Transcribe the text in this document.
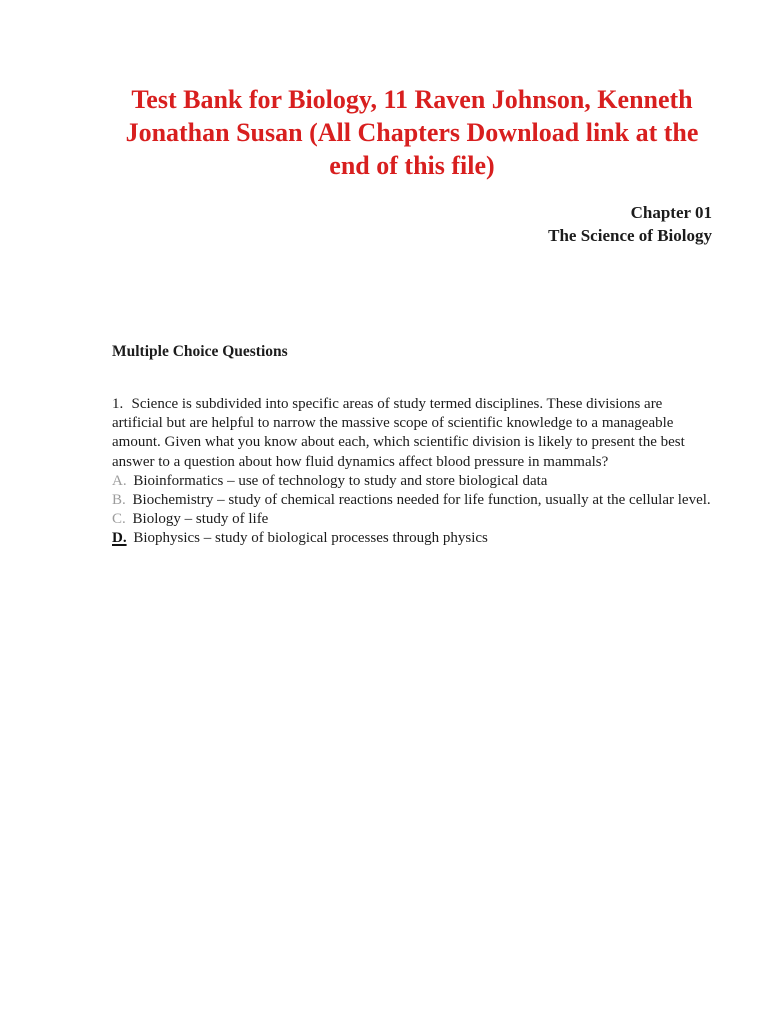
Test Bank for Biology, 11 Raven Johnson, Kenneth Jonathan Susan (All Chapters Download link at the end of this file)
Chapter 01
The Science of Biology
Multiple Choice Questions

1. Science is subdivided into specific areas of study termed disciplines. These divisions are artificial but are helpful to narrow the massive scope of scientific knowledge to a manageable amount. Given what you know about each, which scientific division is likely to present the best answer to a question about how fluid dynamics affect blood pressure in mammals?

A. Bioinformatics – use of technology to study and store biological data

B. Biochemistry – study of chemical reactions needed for life function, usually at the cellular level.

C. Biology – study of life

D. Biophysics – study of biological processes through physics
